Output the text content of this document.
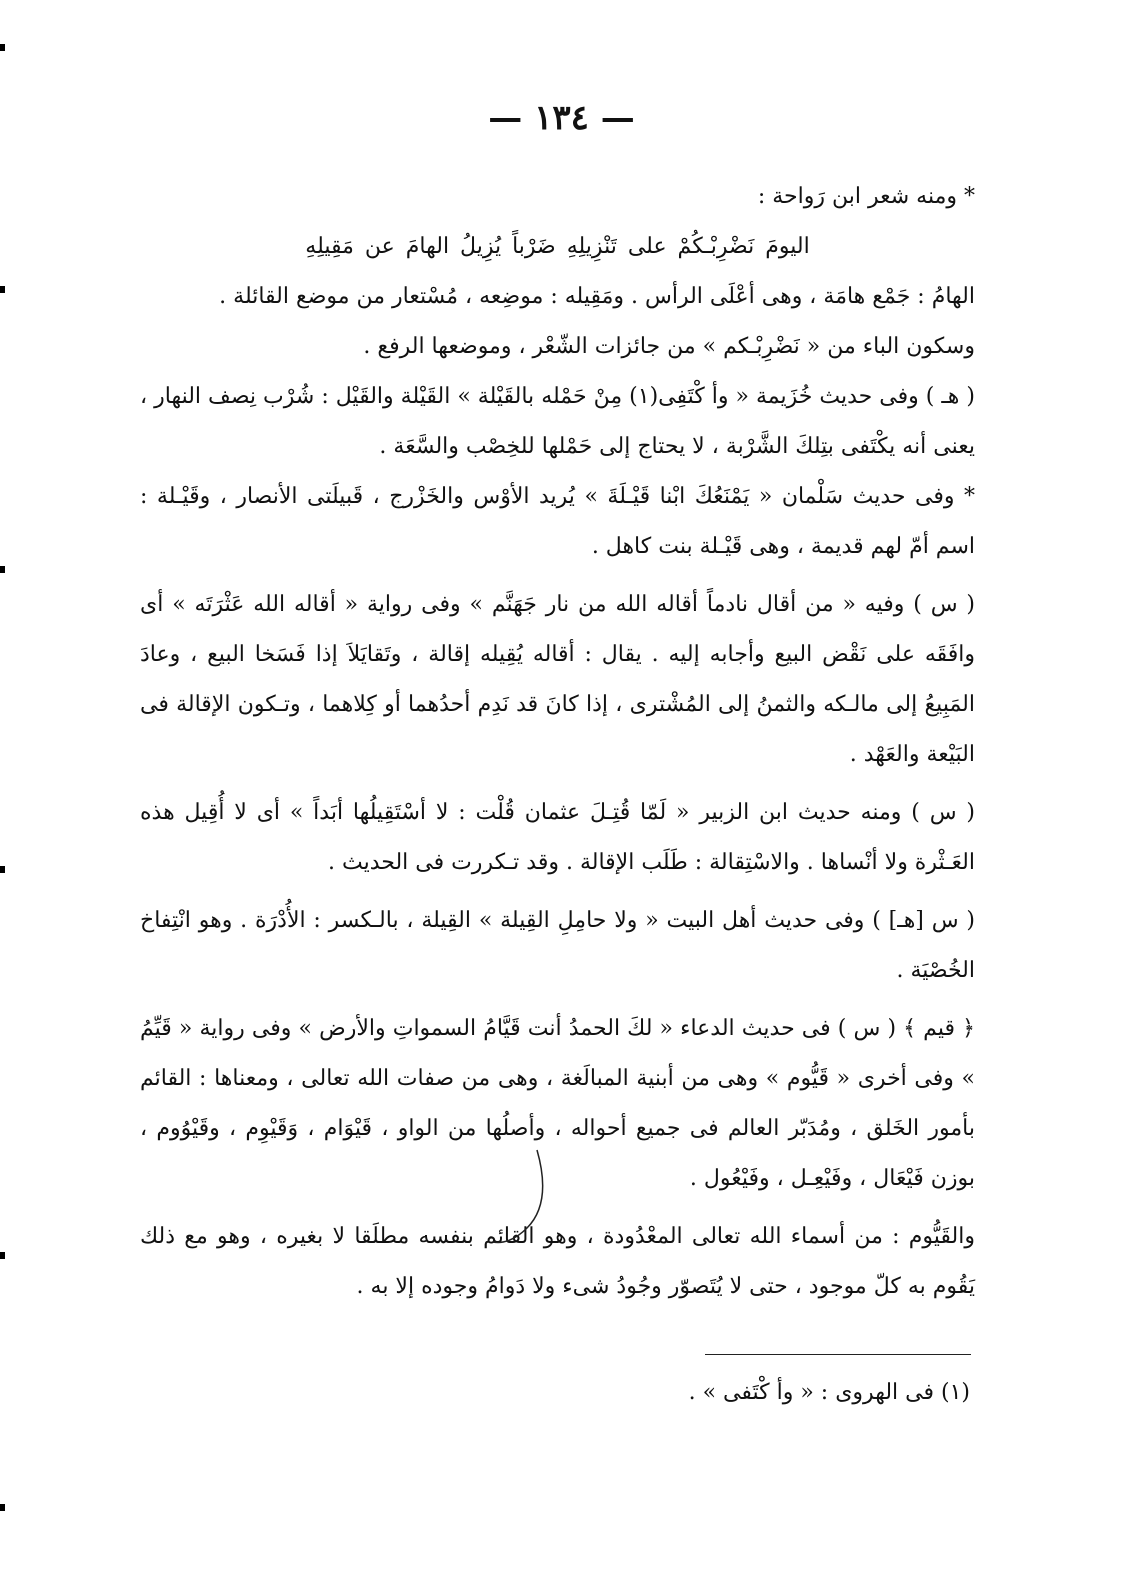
— ١٣٤ —

* ومنه شعر ابن رَواحة :

اليومَ نَضْرِبْـكُمْ على تَنْزِيلِهِ ضَرْباً يُزِيلُ الهامَ عن مَقِيلِهِ

الهامُ : جَمْع هامَة ، وهى أعْلَى الرأس . ومَقِيله : موضِعه ، مُسْتعار من موضع القائلة .

وسكون الباء من « نَضْرِبْـكم » من جائزات الشّعْر ، وموضعها الرفع .

( هـ ) وفى حديث خُزَيمة « وأ كْتَفِى(١) مِنْ حَمْله بالقَيْلة » القَيْلة والقَيْل : شُرْب نِصف النهار ، يعنى أنه يكْتَفى بتِلكَ الشَّرْبة ، لا يحتاج إلى حَمْلها للخِصْب والسَّعَة .

* وفى حديث سَلْمان « يَمْنَعُكَ ابْنا قَيْـلَةَ » يُريد الأوْس والخَزْرج ، قَبيلَتى الأنصار ، وقَيْـلة : اسم أمّ لهم قديمة ، وهى قَيْـلة بنت كاهل .

( س ) وفيه « من أقال نادماً أقاله الله من نار جَهَنَّم » وفى رواية « أقاله الله عَثْرَتَه » أى وافَقَه على نَقْض البيع وأجابه إليه . يقال : أقاله يُقِيله إقالة ، وتَقايَلاَ إذا فَسَخا البيع ، وعادَ المَبِيعُ إلى مالـكه والثمنُ إلى المُشْترى ، إذا كانَ قد نَدِم أحدُهما أو كِلاهما ، وتـكون الإقالة فى البَيْعة والعَهْد .

( س ) ومنه حديث ابن الزبير « لَمّا قُتِـلَ عثمان قُلْت : لا أسْتَقِيلُها أبَداً » أى لا أُقِيل هذه العَـثْرة ولا أنْساها . والاسْتِقالة : طَلَب الإقالة . وقد تـكررت فى الحديث .

( س [هـ] ) وفى حديث أهل البيت « ولا حامِلِ القِيلة » القِيلة ، بالـكسر : الأُدْرَة . وهو انْتِفاخ الخُصْيَة .

﴿ قيم ﴾ ( س ) فى حديث الدعاء « لكَ الحمدُ أنت قَيَّامُ السمواتِ والأرض » وفى رواية « قَيِّمُ » وفى أخرى « قَيُّوم » وهى من أبنية المبالَغة ، وهى من صفات الله تعالى ، ومعناها : القائم بأمور الخَلق ، ومُدَبّر العالم فى جميع أحواله ، وأصلُها من الواو ، قَيْوَام ، وَقَيْوِم ، وقَيْوُوم ، بوزن فَيْعَال ، وفَيْعِـل ، وفَيْعُول .

والقَيُّوم : من أسماء الله تعالى المعْدُودة ، وهو القائم بنفسه مطلَقا لا بغيره ، وهو مع ذلك يَقُوم به كلّ موجود ، حتى لا يُتَصوّر وجُودُ شىء ولا دَوامُ وجوده إلا به .

(١) فى الهروى : « وأ كْتَفى » .
